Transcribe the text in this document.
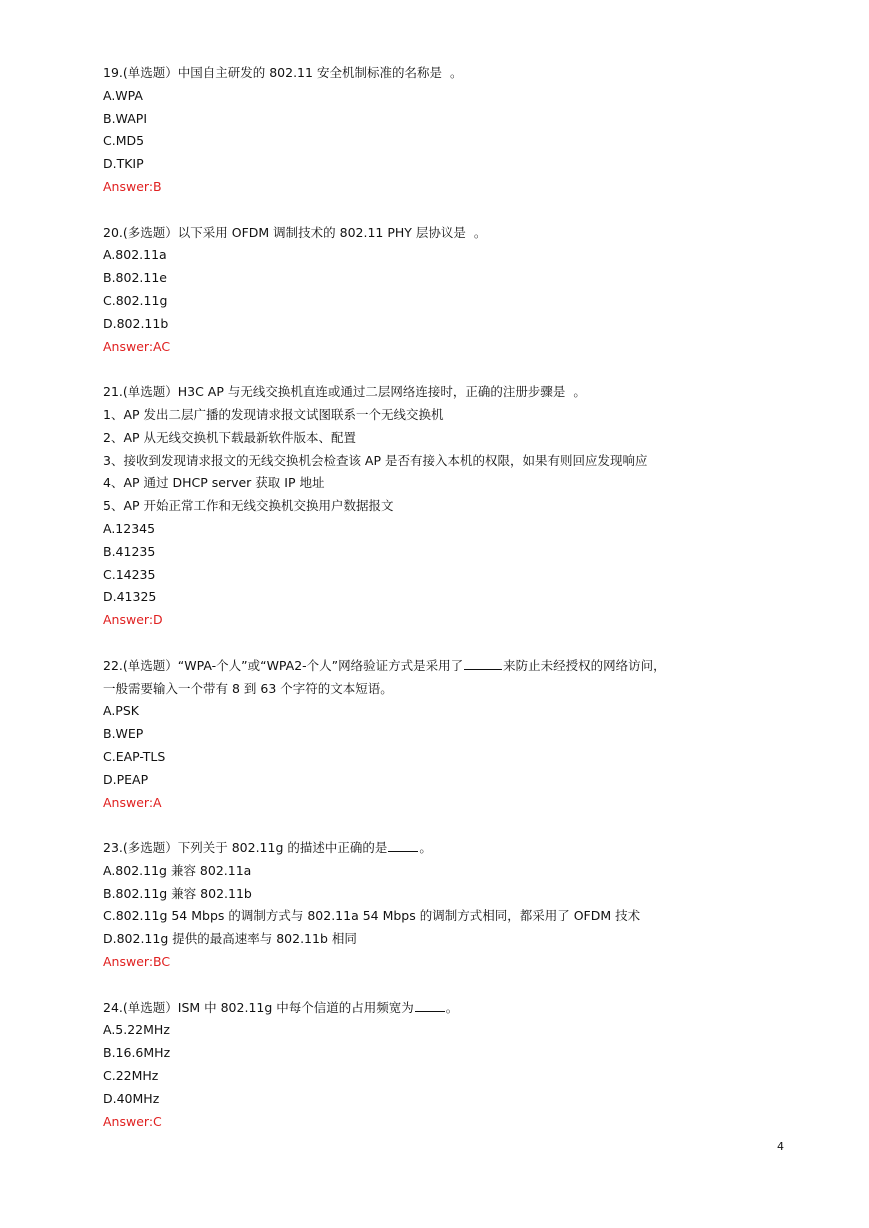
19.(单选题）中国自主研发的 802.11 安全机制标准的名称是 。
A.WPA
B.WAPI
C.MD5
D.TKIP
Answer:B
20.(多选题）以下采用 OFDM 调制技术的 802.11 PHY 层协议是 。
A.802.11a
B.802.11e
C.802.11g
D.802.11b
Answer:AC
21.(单选题）H3C AP 与无线交换机直连或通过二层网络连接时，正确的注册步骤是 。
1、AP 发出二层广播的发现请求报文试图联系一个无线交换机
2、AP 从无线交换机下载最新软件版本、配置
3、接收到发现请求报文的无线交换机会检查该 AP 是否有接入本机的权限，如果有则回应发现响应
4、AP 通过 DHCP server 获取 IP 地址
5、AP 开始正常工作和无线交换机交换用户数据报文
A.12345
B.41235
C.14235
D.41325
Answer:D
22.(单选题）“WPA-个人”或“WPA2-个人”网络验证方式是采用了	来防止未经授权的网络访问，
一般需要输入一个带有 8 到 63 个字符的文本短语。
A.PSK
B.WEP
C.EAP-TLS
D.PEAP
Answer:A
23.(多选题）下列关于 802.11g 的描述中正确的是	。
A.802.11g 兼容 802.11a
B.802.11g 兼容 802.11b
C.802.11g 54 Mbps 的调制方式与 802.11a 54 Mbps 的调制方式相同，都采用了 OFDM 技术
D.802.11g 提供的最高速率与 802.11b 相同
Answer:BC
24.(单选题）ISM 中 802.11g 中每个信道的占用频宽为	。
A.5.22MHz
B.16.6MHz
C.22MHz
D.40MHz
Answer:C
4
